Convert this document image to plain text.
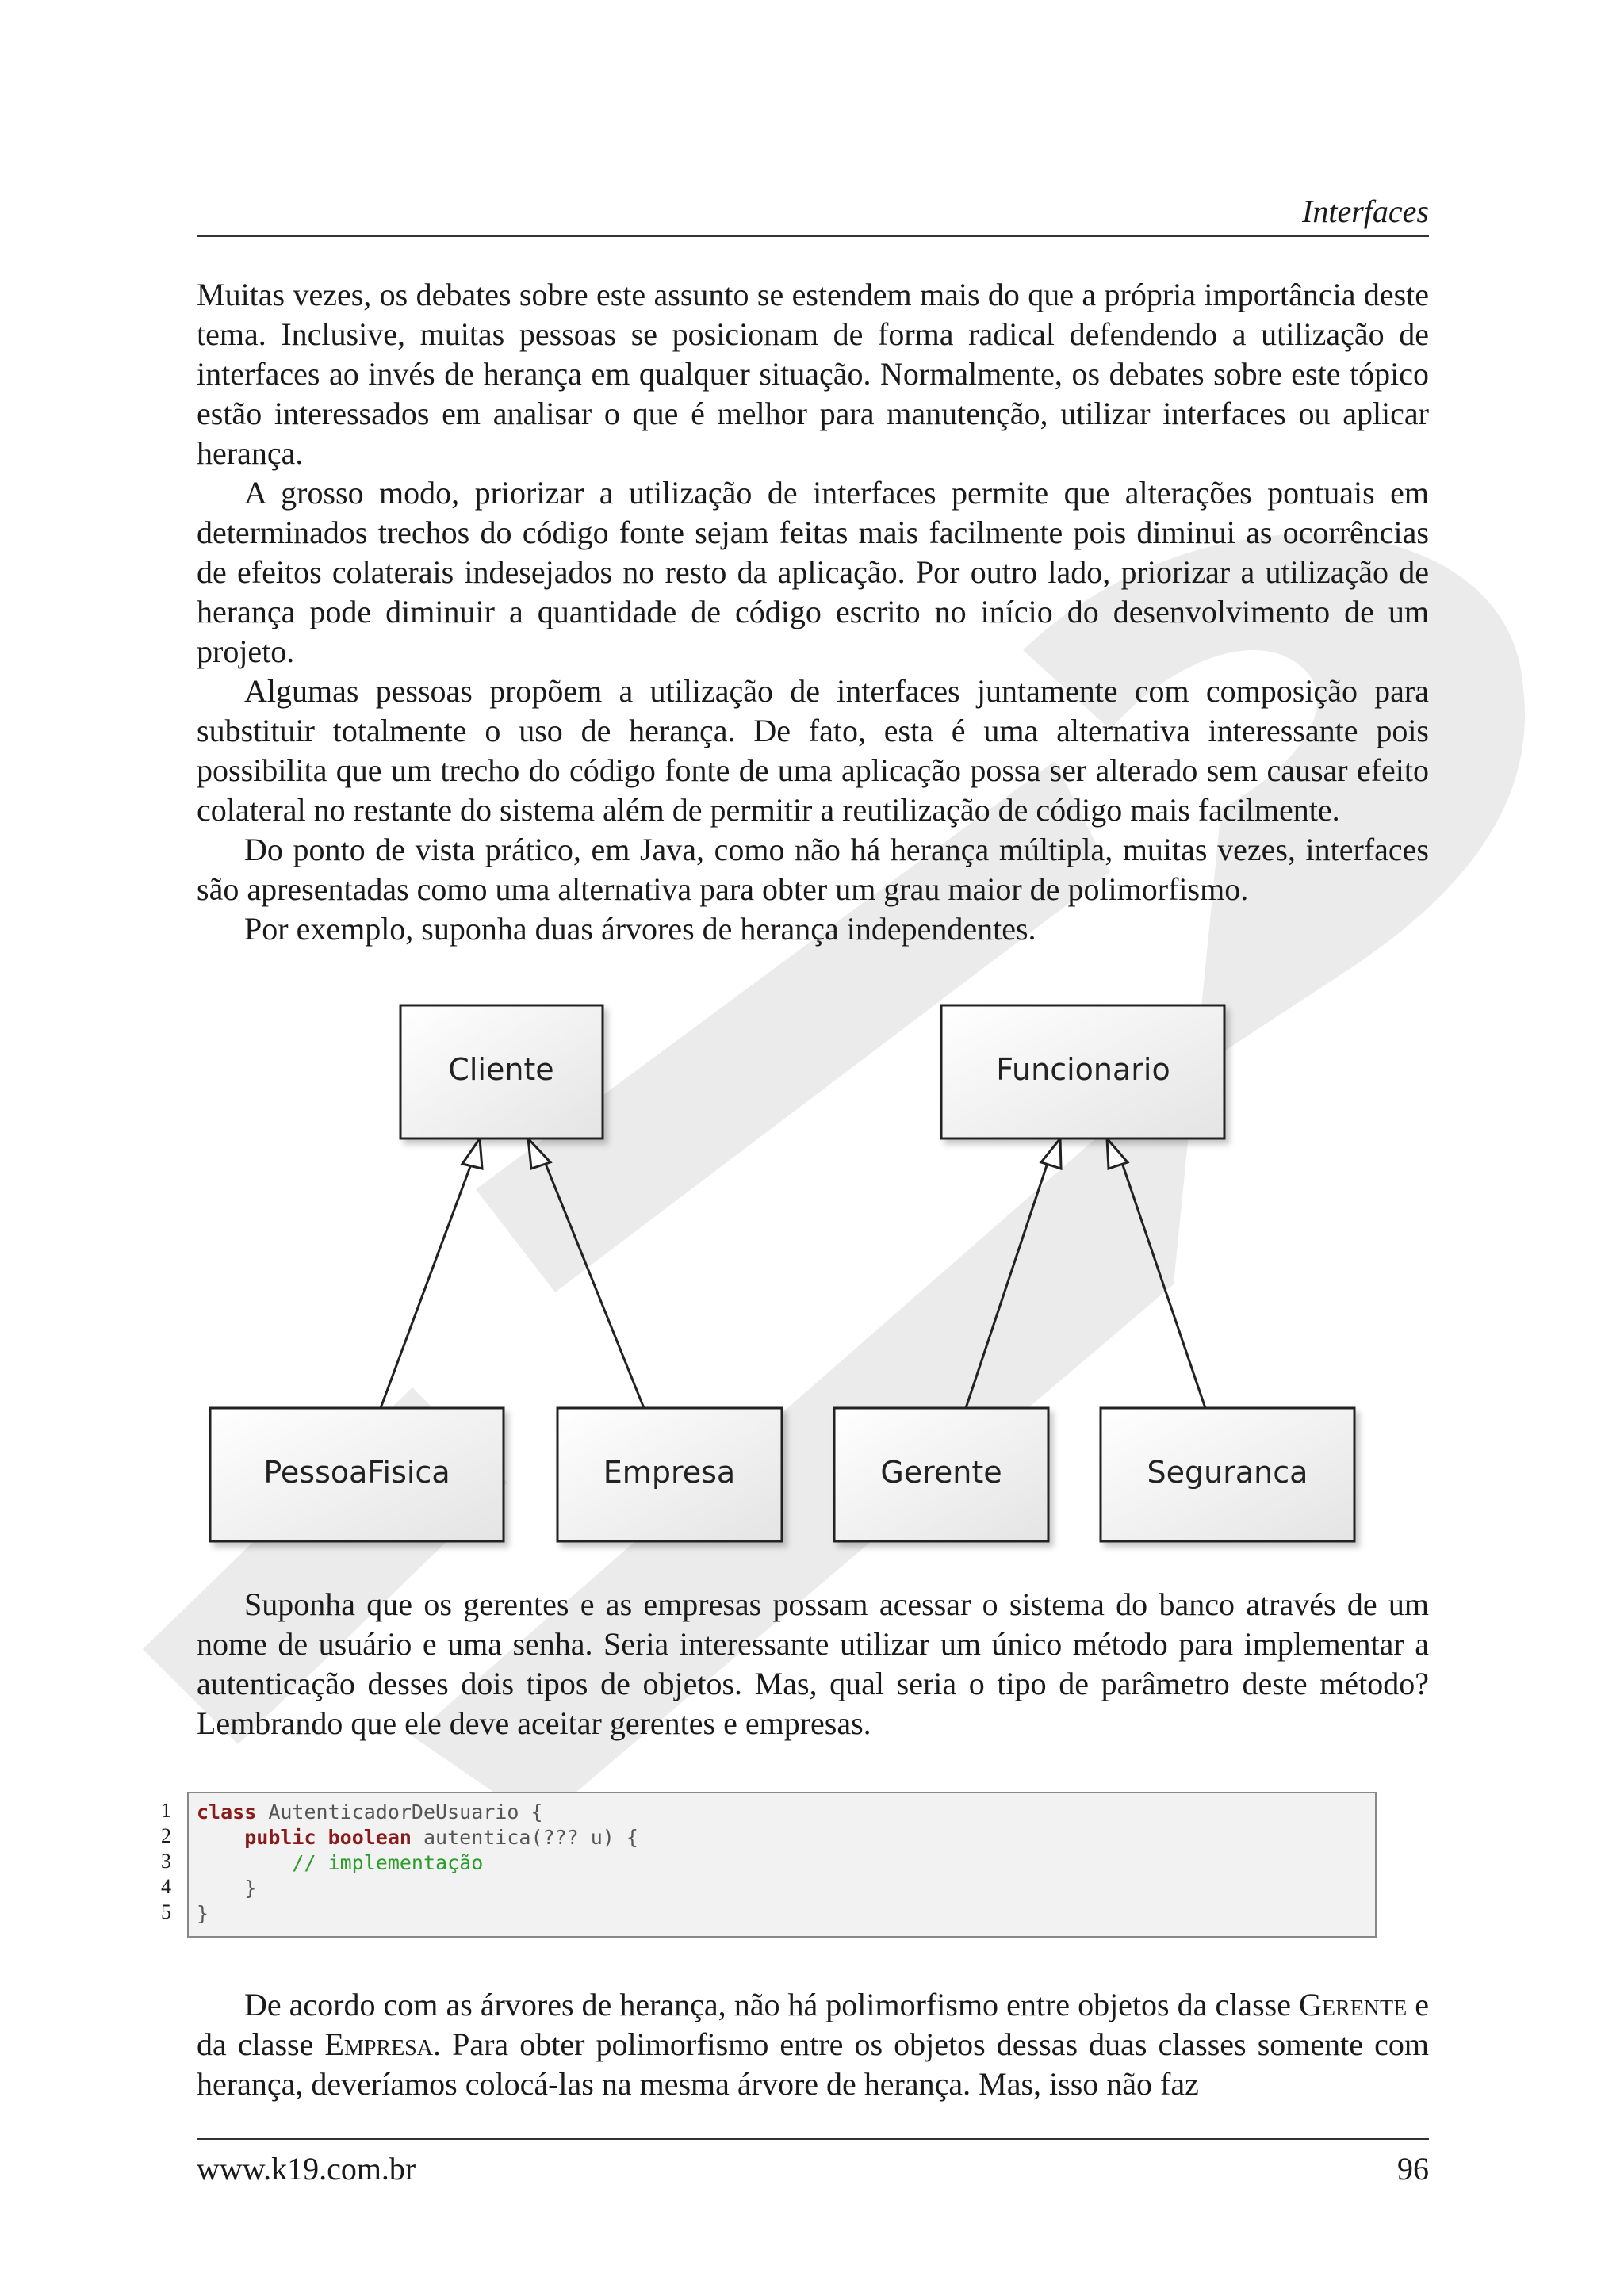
Interfaces

Muitas vezes, os debates sobre este assunto se estendem mais do que a própria importância deste tema. Inclusive, muitas pessoas se posicionam de forma radical defendendo a utilização de interfaces ao invés de herança em qualquer situação. Normalmente, os debates sobre este tópico estão interessados em analisar o que é melhor para manutenção, utilizar interfaces ou aplicar herança.

A grosso modo, priorizar a utilização de interfaces permite que alterações pontuais em determinados trechos do código fonte sejam feitas mais facilmente pois diminui as ocorrências de efeitos colaterais indesejados no resto da aplicação. Por outro lado, priorizar a utilização de herança pode diminuir a quantidade de código escrito no início do desenvolvimento de um projeto.

Algumas pessoas propõem a utilização de interfaces juntamente com composição para substituir totalmente o uso de herança. De fato, esta é uma alternativa interessante pois possibilita que um trecho do código fonte de uma aplicação possa ser alterado sem causar efeito colateral no restante do sistema além de permitir a reutilização de código mais facilmente.

Do ponto de vista prático, em Java, como não há herança múltipla, muitas vezes, interfaces são apresentadas como uma alternativa para obter um grau maior de polimorfismo.

Por exemplo, suponha duas árvores de herança independentes.

Cliente	Funcionario
PessoaFisica	Empresa	Gerente	Seguranca

Suponha que os gerentes e as empresas possam acessar o sistema do banco através de um nome de usuário e uma senha. Seria interessante utilizar um único método para implementar a autenticação desses dois tipos de objetos. Mas, qual seria o tipo de parâmetro deste método? Lembrando que ele deve aceitar gerentes e empresas.

1
2
3
4
5
class AutenticadorDeUsuario {
public boolean autentica(??? u) {
// implementação
}
}

De acordo com as árvores de herança, não há polimorfismo entre objetos da classe Gerente e da classe Empresa. Para obter polimorfismo entre os objetos dessas duas classes somente com herança, deveríamos colocá-las na mesma árvore de herança. Mas, isso não faz

www.k19.com.br	96
